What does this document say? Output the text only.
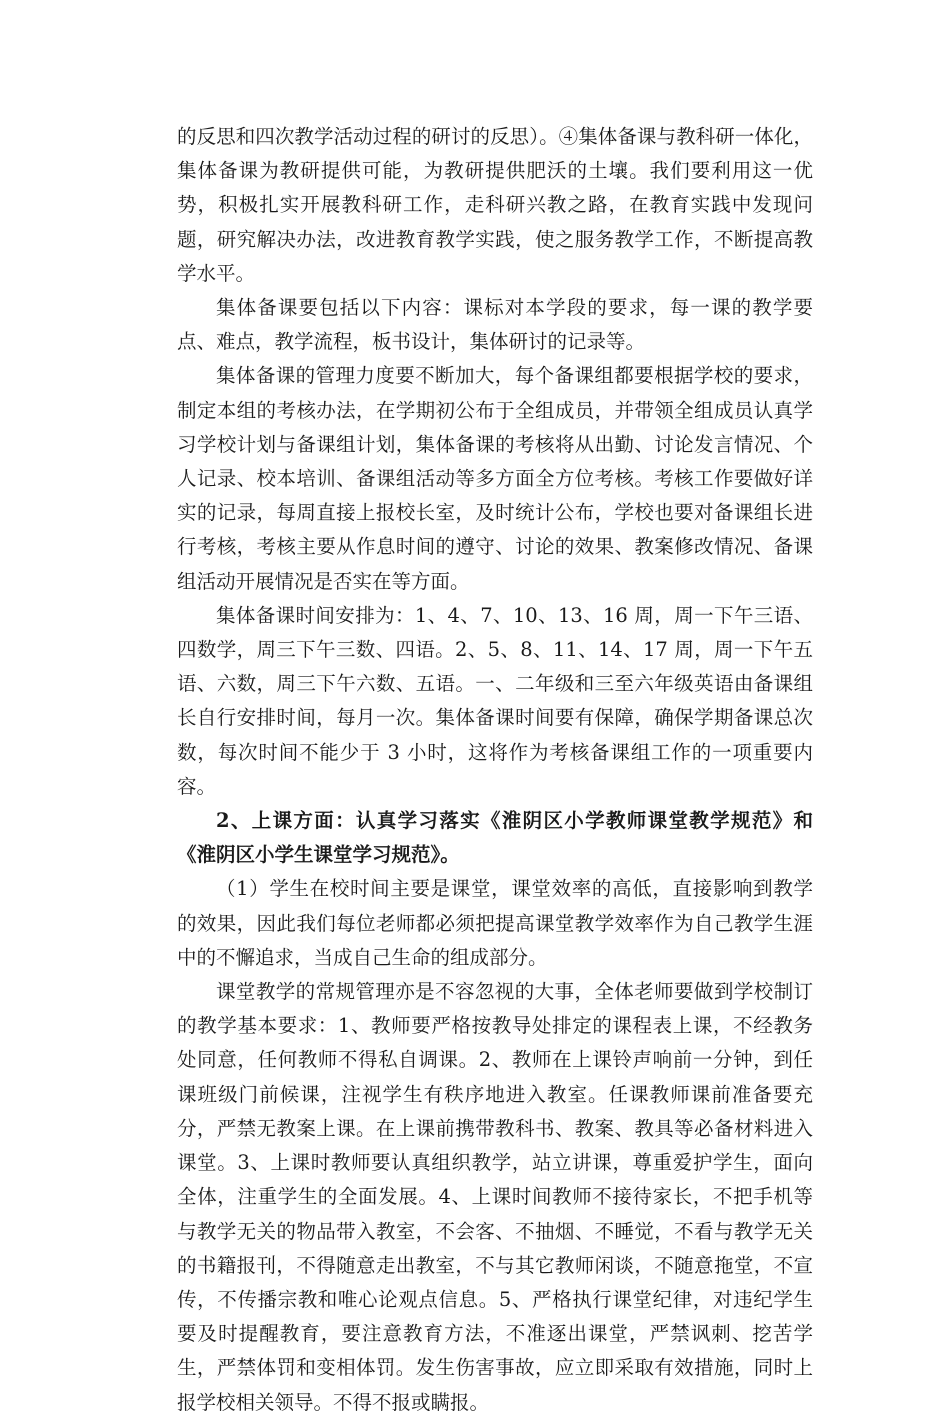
的反思和四次教学活动过程的研讨的反思）。④集体备课与教科研一体化，集体备课为教研提供可能，为教研提供肥沃的土壤。我们要利用这一优势，积极扎实开展教科研工作，走科研兴教之路，在教育实践中发现问题，研究解决办法，改进教育教学实践，使之服务教学工作，不断提高教学水平。

集体备课要包括以下内容：课标对本学段的要求，每一课的教学要点、难点，教学流程，板书设计，集体研讨的记录等。

集体备课的管理力度要不断加大，每个备课组都要根据学校的要求，制定本组的考核办法，在学期初公布于全组成员，并带领全组成员认真学习学校计划与备课组计划，集体备课的考核将从出勤、讨论发言情况、个人记录、校本培训、备课组活动等多方面全方位考核。考核工作要做好详实的记录，每周直接上报校长室，及时统计公布，学校也要对备课组长进行考核，考核主要从作息时间的遵守、讨论的效果、教案修改情况、备课组活动开展情况是否实在等方面。

集体备课时间安排为：1、4、7、10、13、16 周，周一下午三语、四数学，周三下午三数、四语。2、5、8、11、14、17 周，周一下午五语、六数，周三下午六数、五语。一、二年级和三至六年级英语由备课组长自行安排时间，每月一次。集体备课时间要有保障，确保学期备课总次数，每次时间不能少于 3 小时，这将作为考核备课组工作的一项重要内容。

2、上课方面：认真学习落实《淮阴区小学教师课堂教学规范》和《淮阴区小学生课堂学习规范》。

（1）学生在校时间主要是课堂，课堂效率的高低，直接影响到教学的效果，因此我们每位老师都必须把提高课堂教学效率作为自己教学生涯中的不懈追求，当成自己生命的组成部分。

课堂教学的常规管理亦是不容忽视的大事，全体老师要做到学校制订的教学基本要求：1、教师要严格按教导处排定的课程表上课，不经教务处同意，任何教师不得私自调课。2、教师在上课铃声响前一分钟，到任课班级门前候课，注视学生有秩序地进入教室。任课教师课前准备要充分，严禁无教案上课。在上课前携带教科书、教案、教具等必备材料进入课堂。3、上课时教师要认真组织教学，站立讲课，尊重爱护学生，面向全体，注重学生的全面发展。4、上课时间教师不接待家长，不把手机等与教学无关的物品带入教室，不会客、不抽烟、不睡觉，不看与教学无关的书籍报刊，不得随意走出教室，不与其它教师闲谈，不随意拖堂，不宣传，不传播宗教和唯心论观点信息。5、严格执行课堂纪律，对违纪学生要及时提醒教育，要注意教育方法，不准逐出课堂，严禁讽刺、挖苦学生，严禁体罚和变相体罚。发生伤害事故，应立即采取有效措施，同时上报学校相关领导。不得不报或瞒报。
